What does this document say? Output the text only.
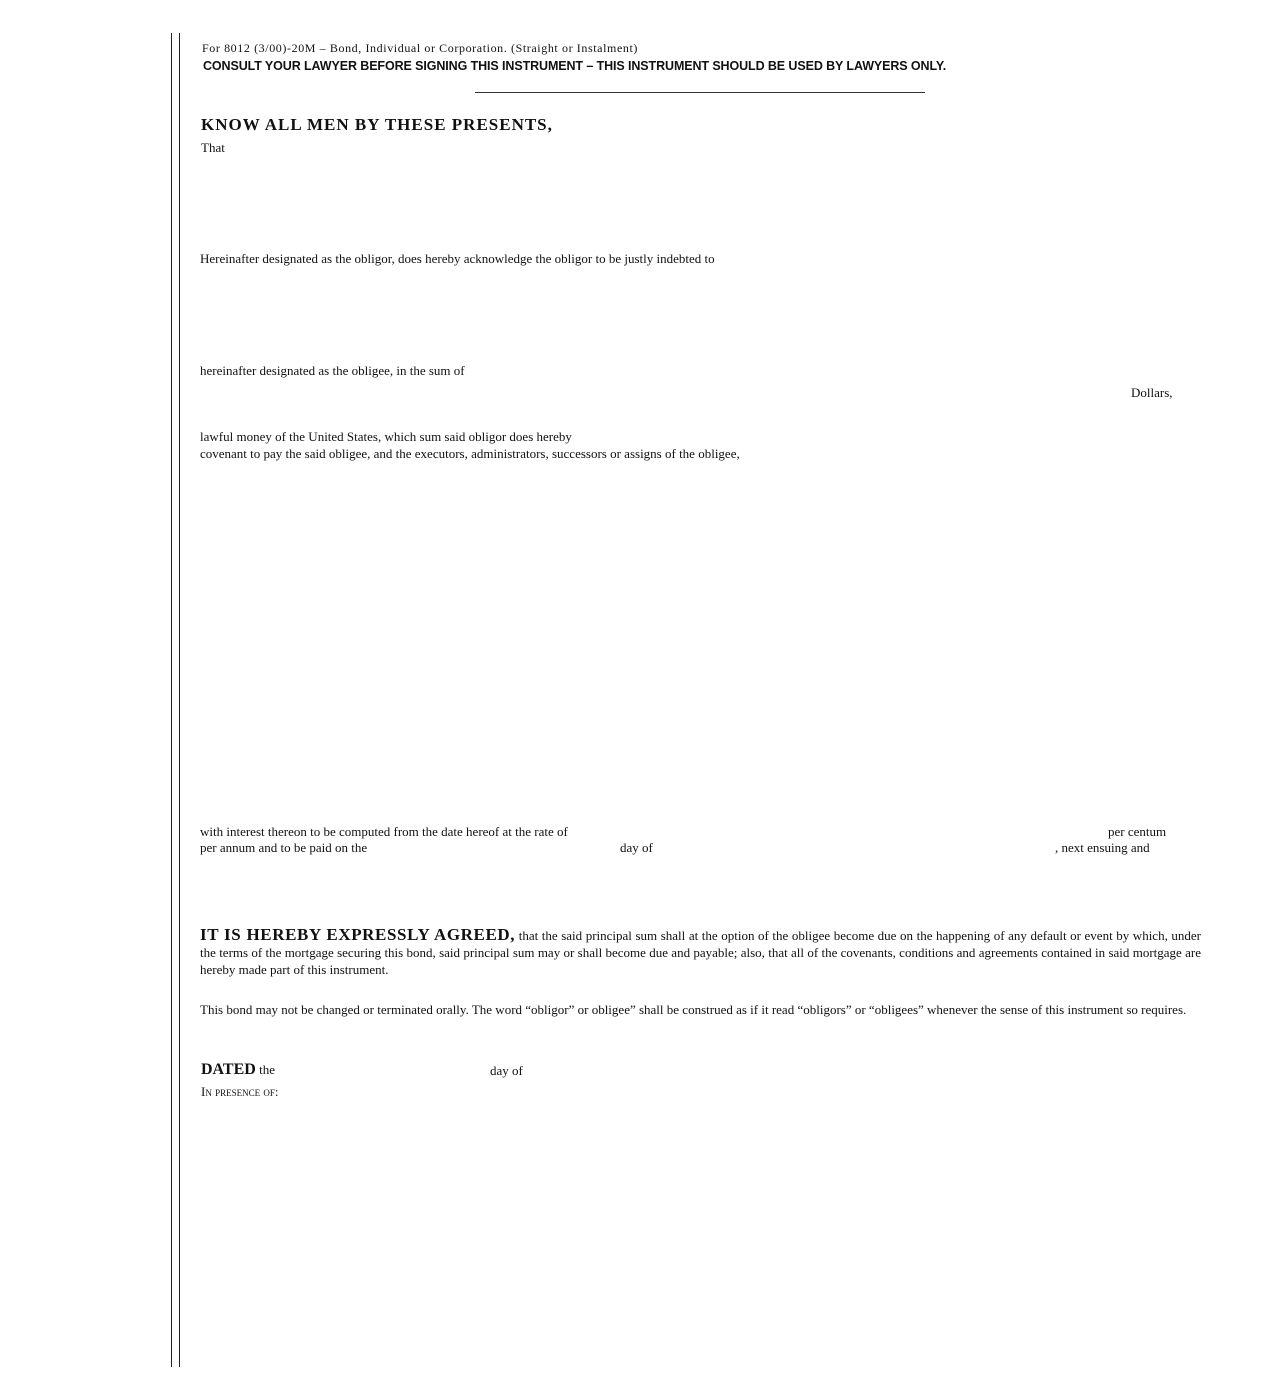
For 8012 (3/00)-20M – Bond, Individual or Corporation. (Straight or Instalment)
CONSULT YOUR LAWYER BEFORE SIGNING THIS INSTRUMENT – THIS INSTRUMENT SHOULD BE USED BY LAWYERS ONLY.
KNOW ALL MEN BY THESE PRESENTS,
That
Hereinafter designated as the obligor, does hereby acknowledge the obligor to be justly indebted to
hereinafter designated as the obligee, in the sum of
Dollars,
lawful money of the United States, which sum said obligor does hereby
covenant to pay the said obligee, and the executors, administrators, successors or assigns of the obligee,
with interest thereon to be computed from the date hereof at the rate of	per centum
per annum and to be paid on the	day of	, next ensuing and
IT IS HEREBY EXPRESSLY AGREED, that the said principal sum shall at the option of the obligee become due on the happening of any default or event by which, under the terms of the mortgage securing this bond, said principal sum may or shall become due and payable; also, that all of the covenants, conditions and agreements contained in said mortgage are hereby made part of this instrument.
This bond may not be changed or terminated orally. The word “obligor” or obligee” shall be construed as if it read “obligors” or “obligees” whenever the sense of this instrument so requires.
DATED the	day of
In presence of:
